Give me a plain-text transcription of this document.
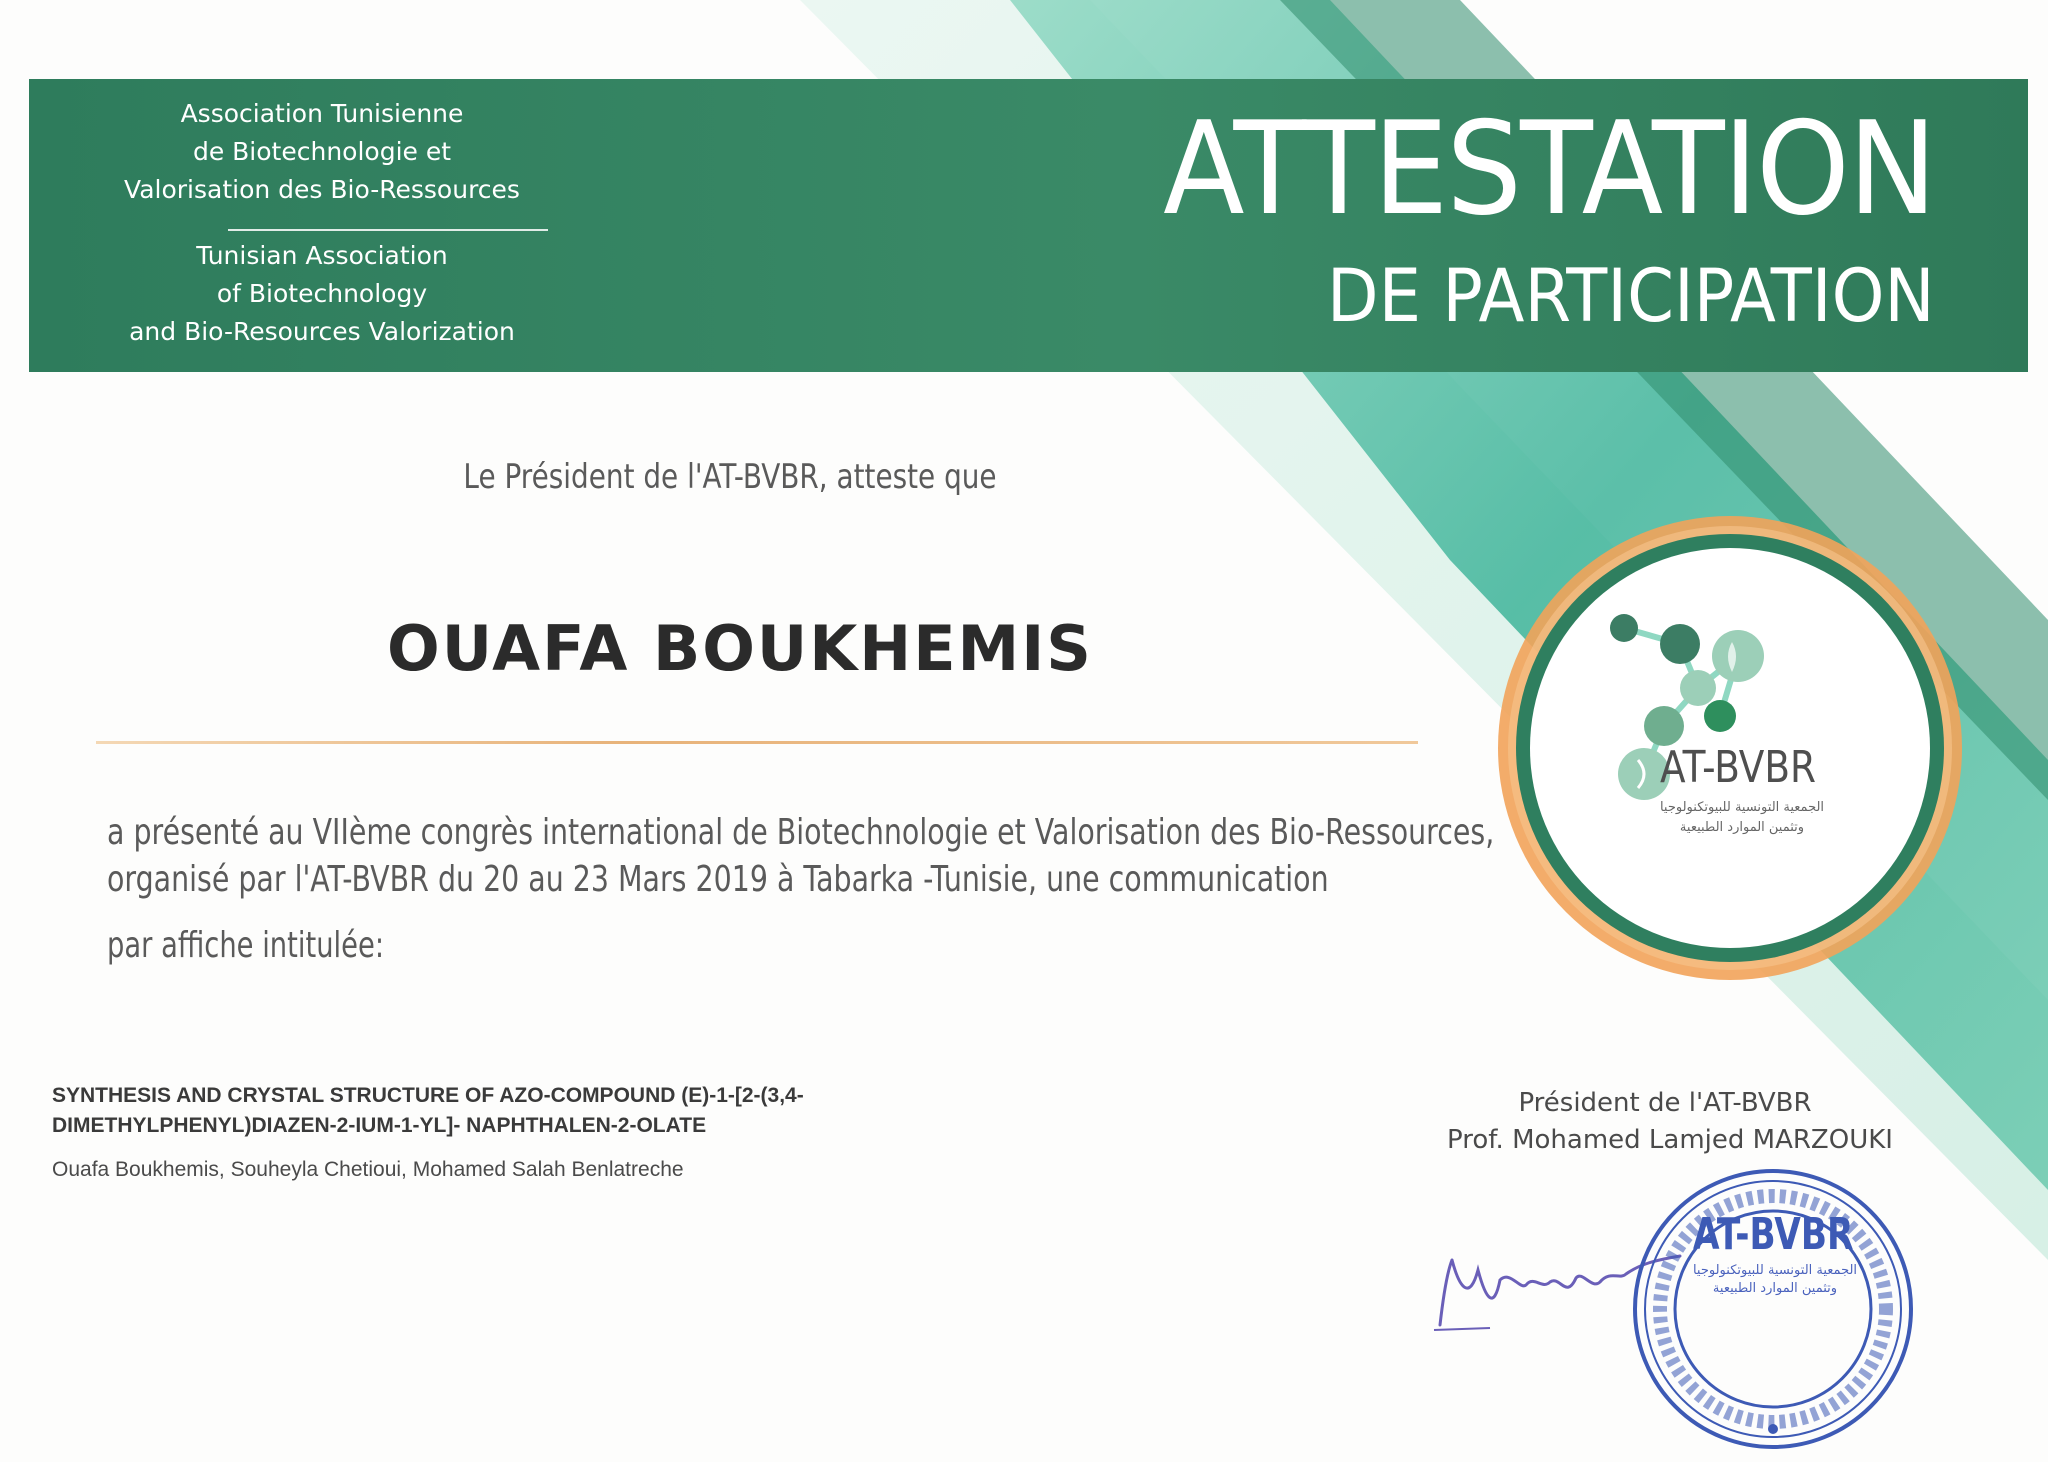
Association Tunisienne
de Biotechnologie et
Valorisation des Bio-Ressources
Tunisian Association
of Biotechnology
and Bio-Resources Valorization
ATTESTATION
DE PARTICIPATION
Le Président de l'AT-BVBR, atteste que
OUAFA BOUKHEMIS
a présenté au VIIème congrès international de Biotechnologie et Valorisation des Bio-Ressources,
organisé par l'AT-BVBR du 20 au 23 Mars 2019 à Tabarka -Tunisie, une communication
par affiche intitulée:
SYNTHESIS AND CRYSTAL STRUCTURE OF AZO-COMPOUND (E)-1-[2-(3,4-
DIMETHYLPHENYL)DIAZEN-2-IUM-1-YL]- NAPHTHALEN-2-OLATE
Ouafa Boukhemis, Souheyla Chetioui, Mohamed Salah Benlatreche
Président de l'AT-BVBR
Prof. Mohamed Lamjed MARZOUKI
AT-BVBR
الجمعية التونسية للبيوتكنولوجيا
وتثمين الموارد الطبيعية
AT-BVBR
الجمعية التونسية للبيوتكنولوجيا
وتثمين الموارد الطبيعية
